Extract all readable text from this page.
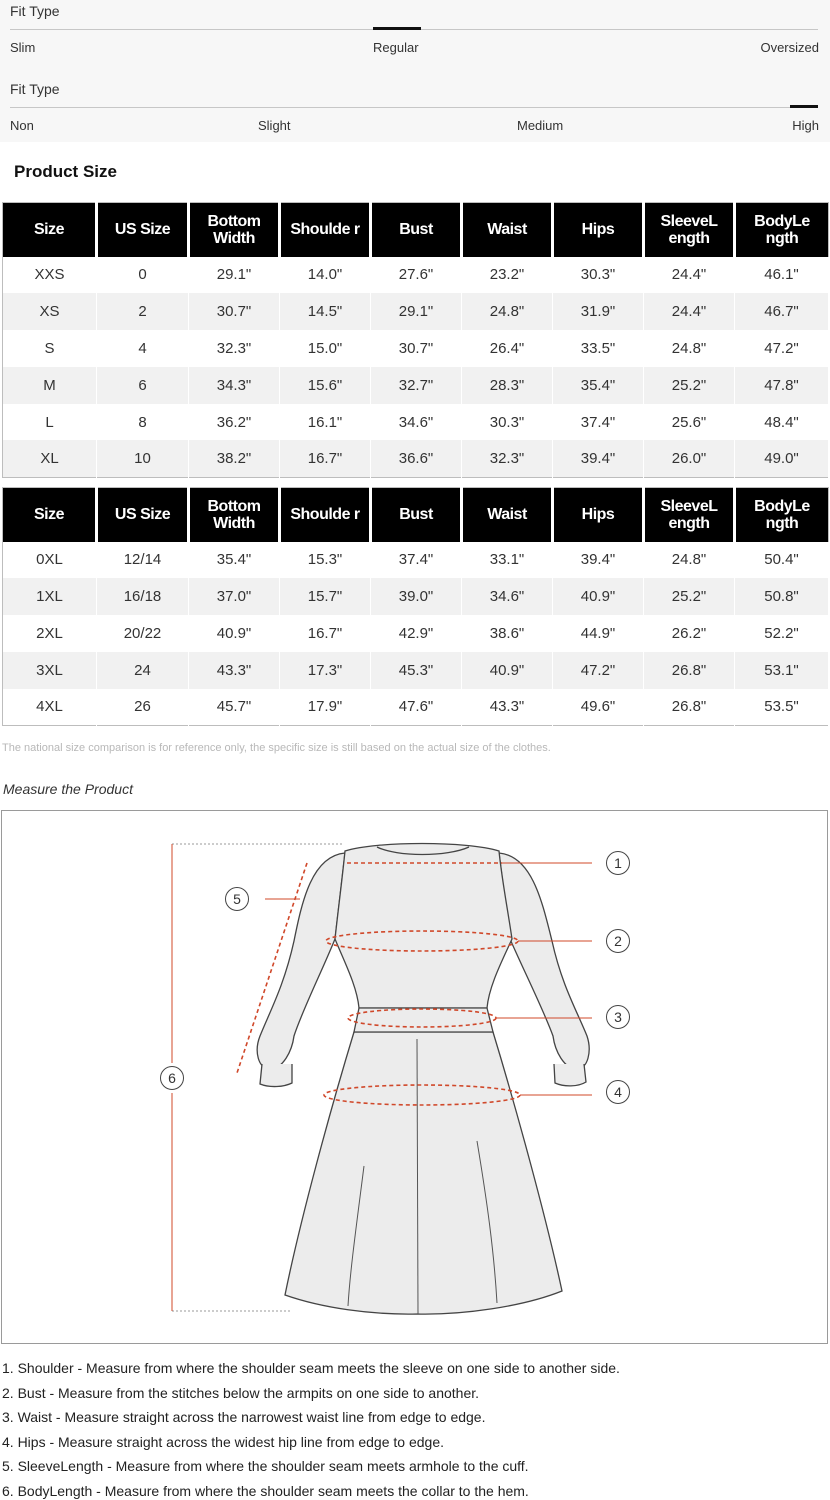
Fit Type
Slim	Regular	Oversized
Fit Type
Non	Slight	Medium	High
Product Size
Size	US Size	Bottom Width	Shoulde r	Bust	Waist	Hips	SleeveL ength	BodyLe ngth
XXS	0	29.1"	14.0"	27.6"	23.2"	30.3"	24.4"	46.1"
XS	2	30.7"	14.5"	29.1"	24.8"	31.9"	24.4"	46.7"
S	4	32.3"	15.0"	30.7"	26.4"	33.5"	24.8"	47.2"
M	6	34.3"	15.6"	32.7"	28.3"	35.4"	25.2"	47.8"
L	8	36.2"	16.1"	34.6"	30.3"	37.4"	25.6"	48.4"
XL	10	38.2"	16.7"	36.6"	32.3"	39.4"	26.0"	49.0"
Size	US Size	Bottom Width	Shoulde r	Bust	Waist	Hips	SleeveL ength	BodyLe ngth
0XL	12/14	35.4"	15.3"	37.4"	33.1"	39.4"	24.8"	50.4"
1XL	16/18	37.0"	15.7"	39.0"	34.6"	40.9"	25.2"	50.8"
2XL	20/22	40.9"	16.7"	42.9"	38.6"	44.9"	26.2"	52.2"
3XL	24	43.3"	17.3"	45.3"	40.9"	47.2"	26.8"	53.1"
4XL	26	45.7"	17.9"	47.6"	43.3"	49.6"	26.8"	53.5"
The national size comparison is for reference only, the specific size is still based on the actual size of the clothes.
Measure the Product
1
2
3
4
5
6
1. Shoulder - Measure from where the shoulder seam meets the sleeve on one side to another side.
2. Bust - Measure from the stitches below the armpits on one side to another.
3. Waist - Measure straight across the narrowest waist line from edge to edge.
4. Hips - Measure straight across the widest hip line from edge to edge.
5. SleeveLength - Measure from where the shoulder seam meets armhole to the cuff.
6. BodyLength - Measure from where the shoulder seam meets the collar to the hem.
